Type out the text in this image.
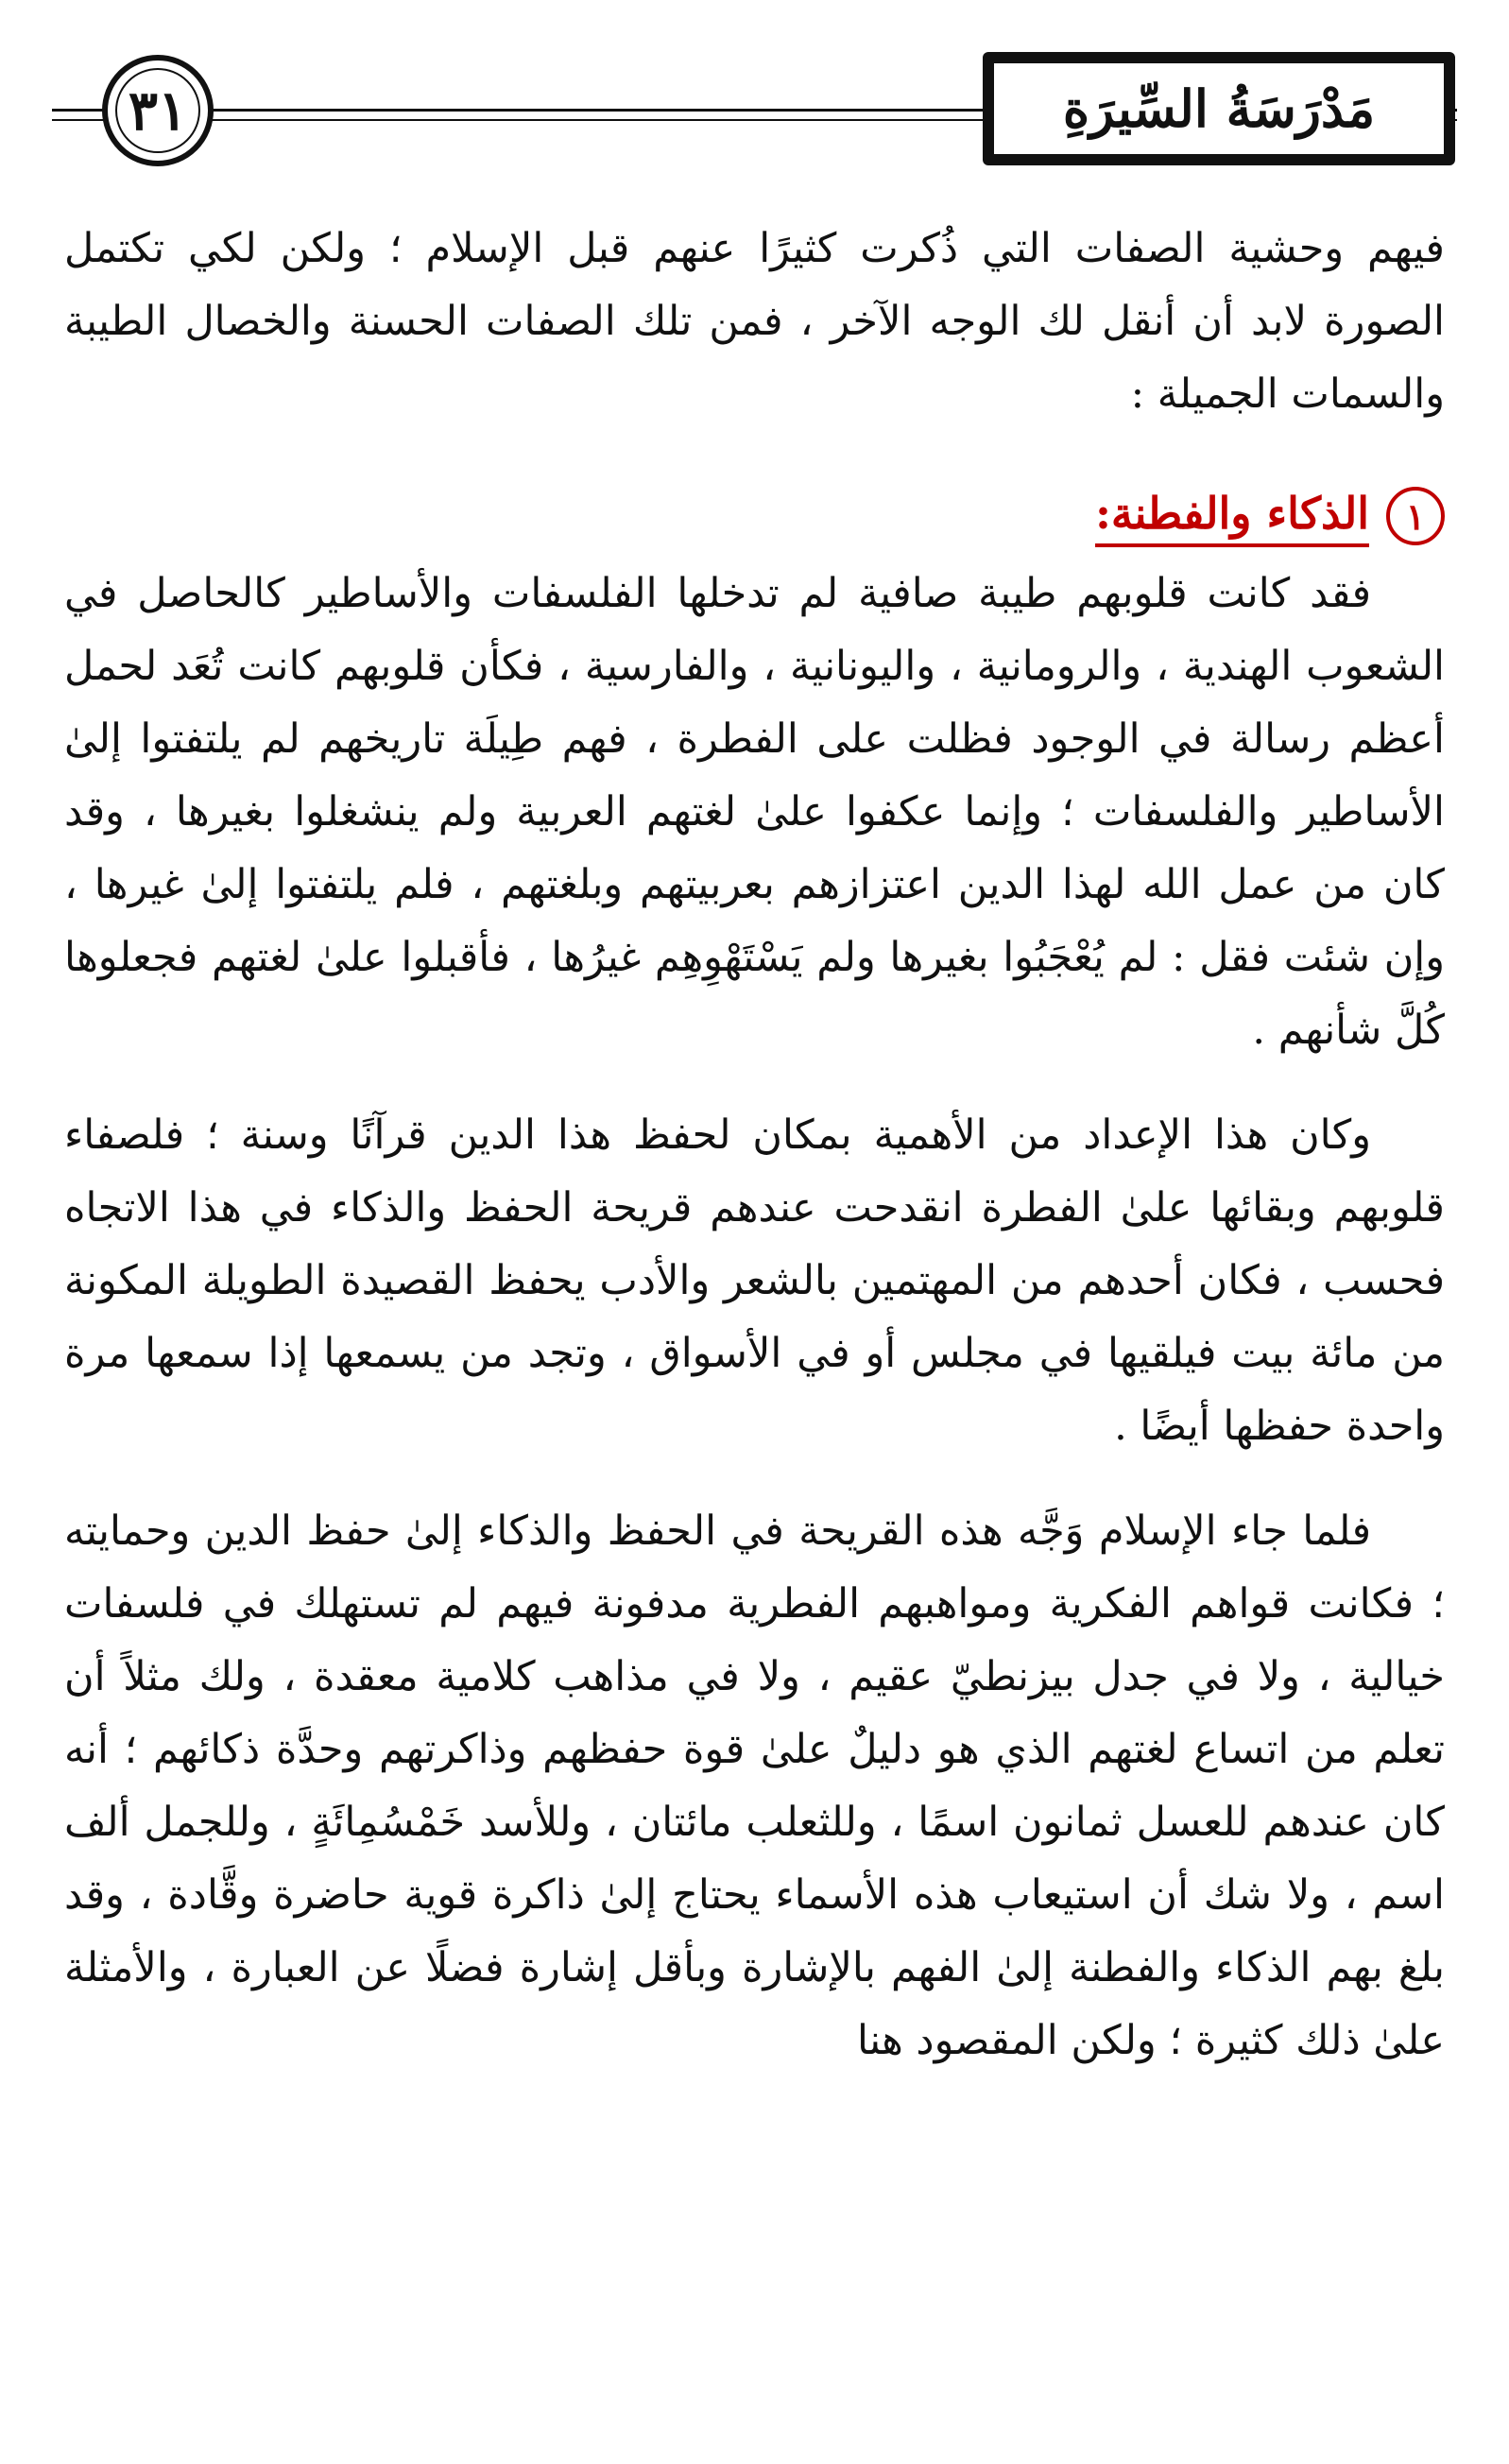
٣١	مَدْرَسَةُ السِّيرَةِ

فيهم وحشية الصفات التي ذُكرت كثيرًا عنهم قبل الإسلام ؛ ولكن لكي تكتمل الصورة لابد أن أنقل لك الوجه الآخر ، فمن تلك الصفات الحسنة والخصال الطيبة والسمات الجميلة :

١
الذكاء والفطنة:

فقد كانت قلوبهم طيبة صافية لم تدخلها الفلسفات والأساطير كالحاصل في الشعوب الهندية ، والرومانية ، واليونانية ، والفارسية ، فكأن قلوبهم كانت تُعَد لحمل أعظم رسالة في الوجود فظلت على الفطرة ، فهم طِيلَة تاريخهم لم يلتفتوا إلىٰ الأساطير والفلسفات ؛ وإنما عكفوا علىٰ لغتهم العربية ولم ينشغلوا بغيرها ، وقد كان من عمل الله لهذا الدين اعتزازهم بعربيتهم وبلغتهم ، فلم يلتفتوا إلىٰ غيرها ، وإن شئت فقل : لم يُعْجَبُوا بغيرها ولم يَسْتَهْوِهِم غيرُها ، فأقبلوا علىٰ لغتهم فجعلوها كُلَّ شأنهم .

وكان هذا الإعداد من الأهمية بمكان لحفظ هذا الدين قرآنًا وسنة ؛ فلصفاء قلوبهم وبقائها علىٰ الفطرة انقدحت عندهم قريحة الحفظ والذكاء في هذا الاتجاه فحسب ، فكان أحدهم من المهتمين بالشعر والأدب يحفظ القصيدة الطويلة المكونة من مائة بيت فيلقيها في مجلس أو في الأسواق ، وتجد من يسمعها إذا سمعها مرة واحدة حفظها أيضًا .

فلما جاء الإسلام وَجَّه هذه القريحة في الحفظ والذكاء إلىٰ حفظ الدين وحمايته ؛ فكانت قواهم الفكرية ومواهبهم الفطرية مدفونة فيهم لم تستهلك في فلسفات خيالية ، ولا في جدل بيزنطيّ عقيم ، ولا في مذاهب كلامية معقدة ، ولك مثلاً أن تعلم من اتساع لغتهم الذي هو دليلٌ علىٰ قوة حفظهم وذاكرتهم وحدَّة ذكائهم ؛ أنه كان عندهم للعسل ثمانون اسمًا ، وللثعلب مائتان ، وللأسد خَمْسُمِائَةٍ ، وللجمل ألف اسم ، ولا شك أن استيعاب هذه الأسماء يحتاج إلىٰ ذاكرة قوية حاضرة وقَّادة ، وقد بلغ بهم الذكاء والفطنة إلىٰ الفهم بالإشارة وبأقل إشارة فضلًا عن العبارة ، والأمثلة علىٰ ذلك كثيرة ؛ ولكن المقصود هنا
